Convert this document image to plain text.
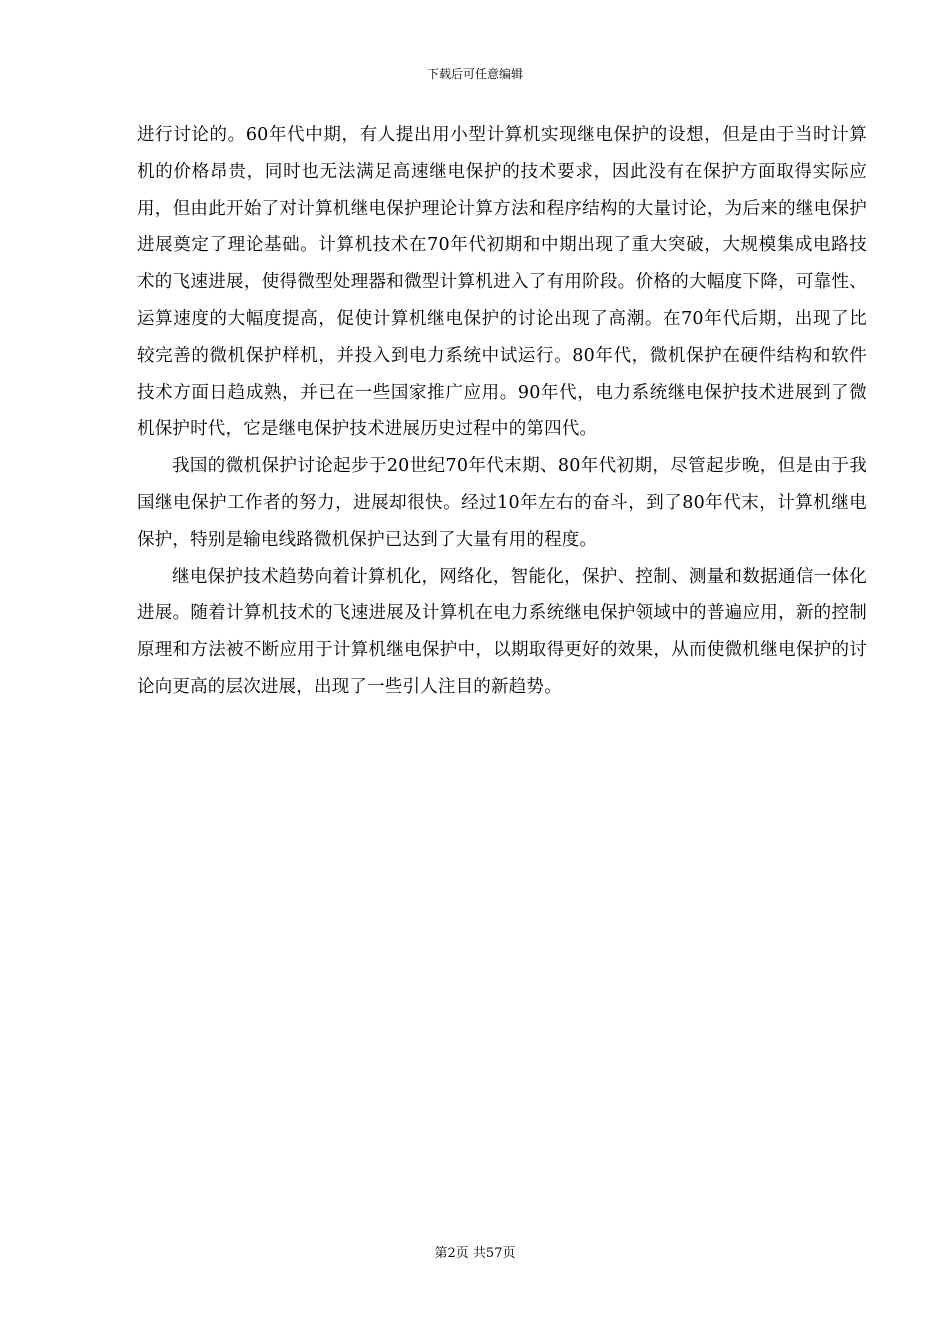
下载后可任意编辑

进行讨论的。60年代中期，有人提出用小型计算机实现继电保护的设想，但是由于当时计算机的价格昂贵，同时也无法满足高速继电保护的技术要求，因此没有在保护方面取得实际应用，但由此开始了对计算机继电保护理论计算方法和程序结构的大量讨论，为后来的继电保护进展奠定了理论基础。计算机技术在70年代初期和中期出现了重大突破，大规模集成电路技术的飞速进展，使得微型处理器和微型计算机进入了有用阶段。价格的大幅度下降，可靠性、运算速度的大幅度提高，促使计算机继电保护的讨论出现了高潮。在70年代后期，出现了比较完善的微机保护样机，并投入到电力系统中试运行。80年代，微机保护在硬件结构和软件技术方面日趋成熟，并已在一些国家推广应用。90年代，电力系统继电保护技术进展到了微机保护时代，它是继电保护技术进展历史过程中的第四代。

我国的微机保护讨论起步于20世纪70年代末期、80年代初期，尽管起步晚，但是由于我国继电保护工作者的努力，进展却很快。经过10年左右的奋斗，到了80年代末，计算机继电保护，特别是输电线路微机保护已达到了大量有用的程度。

继电保护技术趋势向着计算机化，网络化，智能化，保护、控制、测量和数据通信一体化进展。随着计算机技术的飞速进展及计算机在电力系统继电保护领域中的普遍应用，新的控制原理和方法被不断应用于计算机继电保护中，以期取得更好的效果，从而使微机继电保护的讨论向更高的层次进展，出现了一些引人注目的新趋势。

第2页 共57页
